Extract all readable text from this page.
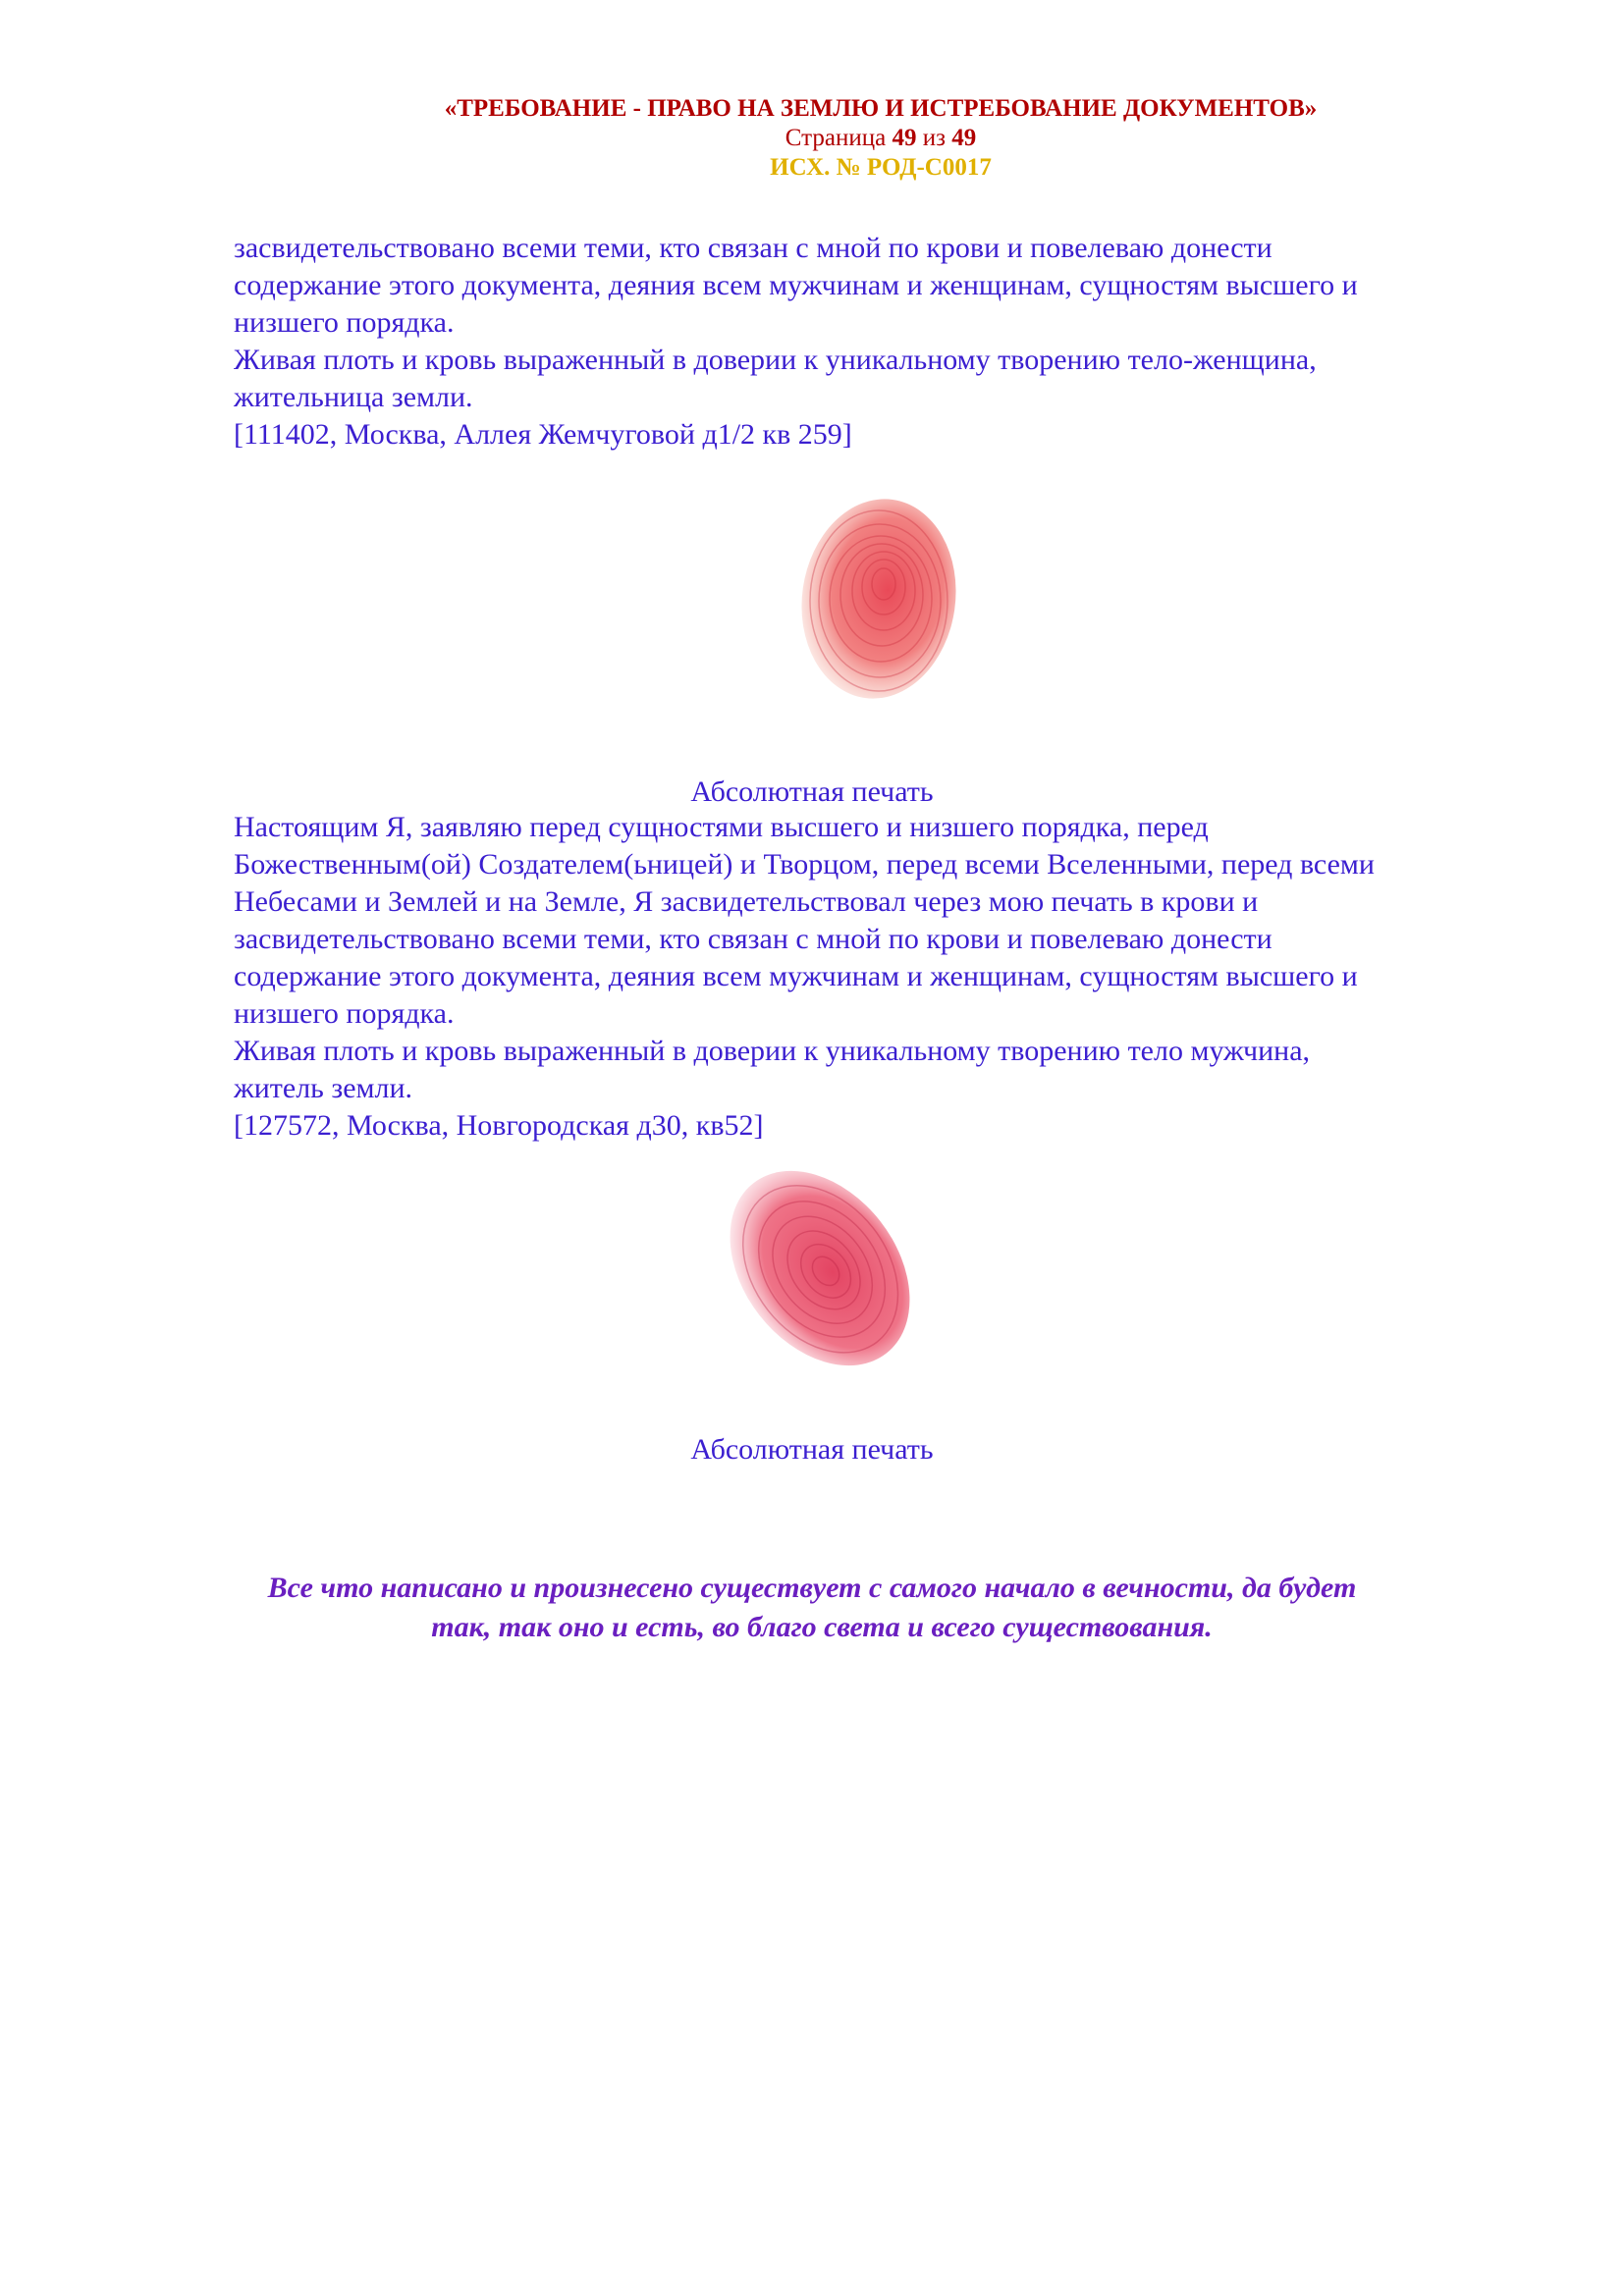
«ТРЕБОВАНИЕ - ПРАВО НА ЗЕМЛЮ И ИСТРЕБОВАНИЕ ДОКУМЕНТОВ»
Страница 49 из 49
ИСХ. № РОД-С0017

засвидетельствовано всеми теми, кто связан с мной по крови и повелеваю донести

содержание этого документа, деяния всем мужчинам и женщинам, сущностям высшего и

низшего порядка.

Живая плоть и кровь выраженный в доверии к уникальному творению тело-женщина,

жительница земли.

[111402, Москва, Аллея Жемчуговой д1/2 кв 259]

Абсолютная печать

Настоящим Я, заявляю перед сущностями высшего и низшего порядка, перед

Божественным(ой) Создателем(ьницей) и Творцом, перед всеми Вселенными, перед всеми

Небесами и Землей и на Земле, Я засвидетельствовал через мою печать в крови и

засвидетельствовано всеми теми, кто связан с мной по крови и повелеваю донести

содержание этого документа, деяния всем мужчинам и женщинам, сущностям высшего и

низшего порядка.

Живая плоть и кровь выраженный в доверии к уникальному творению тело мужчина,

житель земли.

[127572, Москва, Новгородская д30, кв52]

Абсолютная печать

Все что написано и произнесено существует с самого начало в вечности, да будет

так, так оно и есть, во благо света и всего существования.
